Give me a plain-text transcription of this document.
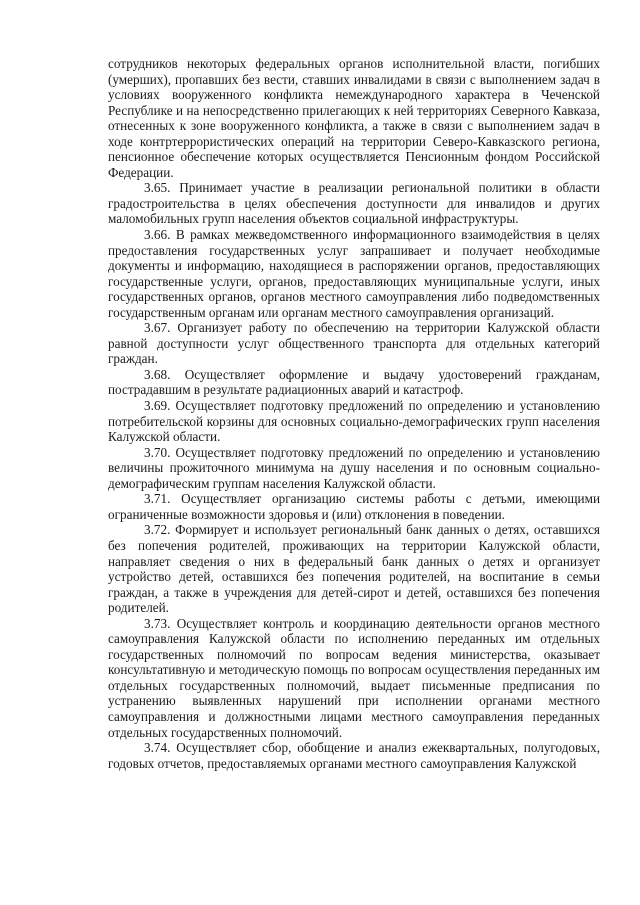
сотрудников некоторых федеральных органов исполнительной власти, погибших (умерших), пропавших без вести, ставших инвалидами в связи с выполнением задач в условиях вооруженного конфликта немеждународного характера в Чеченской Республике и на непосредственно прилегающих к ней территориях Северного Кавказа, отнесенных к зоне вооруженного конфликта, а также в связи с выполнением задач в ходе контртеррористических операций на территории Северо-Кавказского региона, пенсионное обеспечение которых осуществляется Пенсионным фондом Российской Федерации.

3.65. Принимает участие в реализации региональной политики в области градостроительства в целях обеспечения доступности для инвалидов и других маломобильных групп населения объектов социальной инфраструктуры.

3.66. В рамках межведомственного информационного взаимодействия в целях предоставления государственных услуг запрашивает и получает необходимые документы и информацию, находящиеся в распоряжении органов, предоставляющих государственные услуги, органов, предоставляющих муниципальные услуги, иных государственных органов, органов местного самоуправления либо подведомственных государственным органам или органам местного самоуправления организаций.

3.67. Организует работу по обеспечению на территории Калужской области равной доступности услуг общественного транспорта для отдельных категорий граждан.

3.68. Осуществляет оформление и выдачу удостоверений гражданам, пострадавшим в результате радиационных аварий и катастроф.

3.69. Осуществляет подготовку предложений по определению и установлению потребительской корзины для основных социально-демографических групп населения Калужской области.

3.70. Осуществляет подготовку предложений по определению и установлению величины прожиточного минимума на душу населения и по основным социально-демографическим группам населения Калужской области.

3.71. Осуществляет организацию системы работы с детьми, имеющими ограниченные возможности здоровья и (или) отклонения в поведении.

3.72. Формирует и использует региональный банк данных о детях, оставшихся без попечения родителей, проживающих на территории Калужской области, направляет сведения о них в федеральный банк данных о детях и организует устройство детей, оставшихся без попечения родителей, на воспитание в семьи граждан, а также в учреждения для детей-сирот и детей, оставшихся без попечения родителей.

3.73. Осуществляет контроль и координацию деятельности органов местного самоуправления Калужской области по исполнению переданных им отдельных государственных полномочий по вопросам ведения министерства, оказывает консультативную и методическую помощь по вопросам осуществления переданных им отдельных государственных полномочий, выдает письменные предписания по устранению выявленных нарушений при исполнении органами местного самоуправления и должностными лицами местного самоуправления переданных отдельных государственных полномочий.

3.74. Осуществляет сбор, обобщение и анализ ежеквартальных, полугодовых, годовых отчетов, предоставляемых органами местного самоуправления Калужской
